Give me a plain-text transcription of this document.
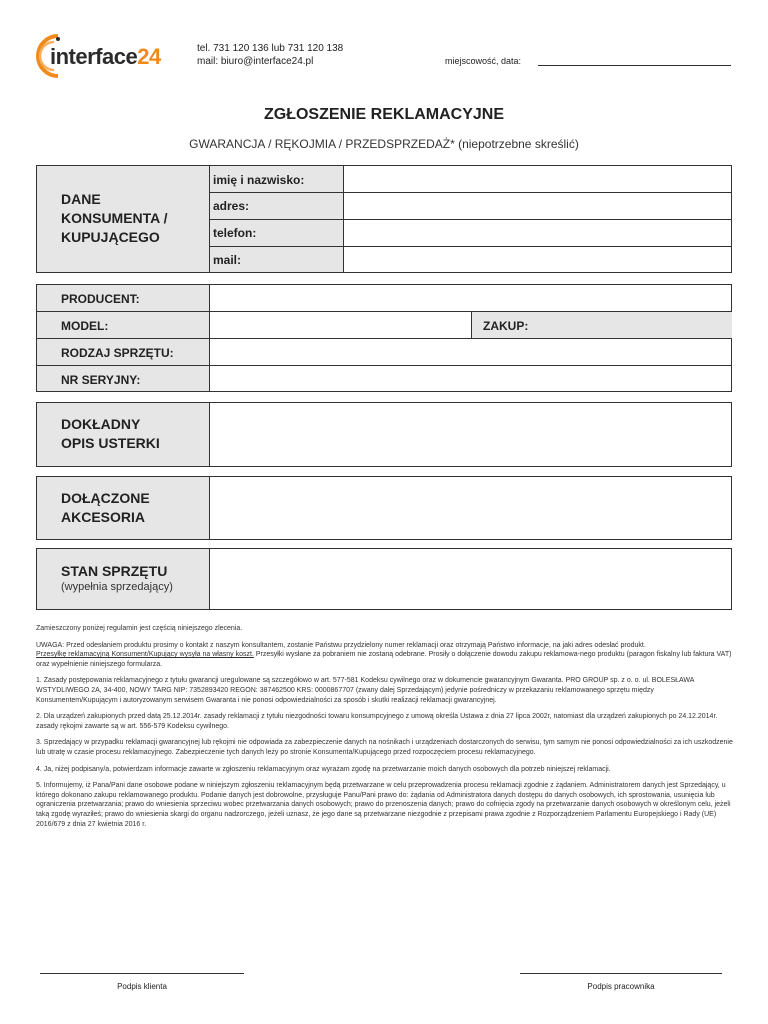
interface24	tel. 731 120 136 lub 731 120 138
mail: biuro@interface24.pl	miejscowość, data:
ZGŁOSZENIE REKLAMACYJNE
GWARANCJA / RĘKOJMIA / PRZEDSPRZEDAŻ* (niepotrzebne skreślić)
DANE
KONSUMENTA /
KUPUJĄCEGO
imię i nazwisko:
adres:
telefon:
mail:
PRODUCENT:
MODEL:	ZAKUP:
RODZAJ SPRZĘTU:
NR SERYJNY:
DOKŁADNY
OPIS USTERKI
DOŁĄCZONE
AKCESORIA
STAN SPRZĘTU
(wypełnia sprzedający)

Zamieszczony poniżej regulamin jest częścią niniejszego zlecenia.

UWAGA: Przed odesłaniem produktu prosimy o kontakt z naszym konsultantem, zostanie Państwu przydzielony numer reklamacji oraz otrzymają Państwo informacje, na jaki adres odesłać produkt.

Przesyłkę reklamacyjną Konsument/Kupujący wysyła na własny koszt. Przesyłki wysłane za pobraniem nie zostaną odebrane. Prosiły o dołączenie dowodu zakupu reklamowa-nego produktu (paragon fiskalny lub faktura VAT) oraz wypełnienie niniejszego formularza.

1. Zasady postępowania reklamacyjnego z tytułu gwarancji uregulowane są szczegółowo w art. 577-581 Kodeksu cywilnego oraz w dokumencie gwarancyjnym Gwaranta. PRO GROUP sp. z o. o. ul. BOLESŁAWA WSTYDLIWEGO 2A, 34-400, NOWY TARG NIP: 7352893420 REGON: 387462500 KRS: 0000867707 (zwany dalej Sprzedającym) jedynie pośredniczy w przekazaniu reklamowanego sprzętu między Konsumentem/Kupującym i autoryzowanym serwisem Gwaranta i nie ponosi odpowiedzialności za sposób i skutki realizacji reklamacji gwarancyjnej.

2. Dla urządzeń zakupionych przed datą 25.12.2014r. zasady reklamacji z tytułu niezgodności towaru konsumpcyjnego z umową określa Ustawa z dnia 27 lipca 2002r, natomiast dla urządzeń zakupionych po 24.12.2014r. zasady rękojmi zawarte są w art. 556-579 Kodeksu cywilnego.

3. Sprzedający w przypadku reklamacji gwarancyjnej lub rękojmi nie odpowiada za zabezpieczenie danych na nośnikach i urządzeniach dostarczonych do serwisu, tym samym nie ponosi odpowiedzialności za ich uszkodzenie lub utratę w czasie procesu reklamacyjnego. Zabezpieczenie tych danych leży po stronie Konsumenta/Kupującego przed rozpoczęciem procesu reklamacyjnego.

4. Ja, niżej podpisany/a, potwierdzam informacje zawarte w zgłoszeniu reklamacyjnym oraz wyrażam zgodę na przetwarzanie moich danych osobowych dla potrzeb niniejszej reklamacji.

5. Informujemy, iż Pana/Pani dane osobowe podane w niniejszym zgłoszeniu reklamacyjnym będą przetwarzane w celu przeprowadzenia procesu reklamacji zgodnie z żądaniem. Administratorem danych jest Sprzedający, u którego dokonano zakupu reklamowanego produktu. Podanie danych jest dobrowolne, przysługuje Panu/Pani prawo do: żądania od Administratora danych dostępu do danych osobowych, ich sprostowania, usunięcia lub ograniczenia przetwarzania; prawo do wniesienia sprzeciwu wobec przetwarzania danych osobowych; prawo do przenoszenia danych; prawo do cofnięcia zgody na przetwarzanie danych osobowych w określonym celu, jeżeli taką zgodę wyraziłeś; prawo do wniesienia skargi do organu nadzorczego, jeżeli uznasz, że jego dane są przetwarzane niezgodnie z przepisami prawa zgodnie z Rozporządzeniem Parlamentu Europejskiego i Rady (UE) 2016/679 z dnia 27 kwietnia 2016 r.

Podpis klienta	Podpis pracownika
